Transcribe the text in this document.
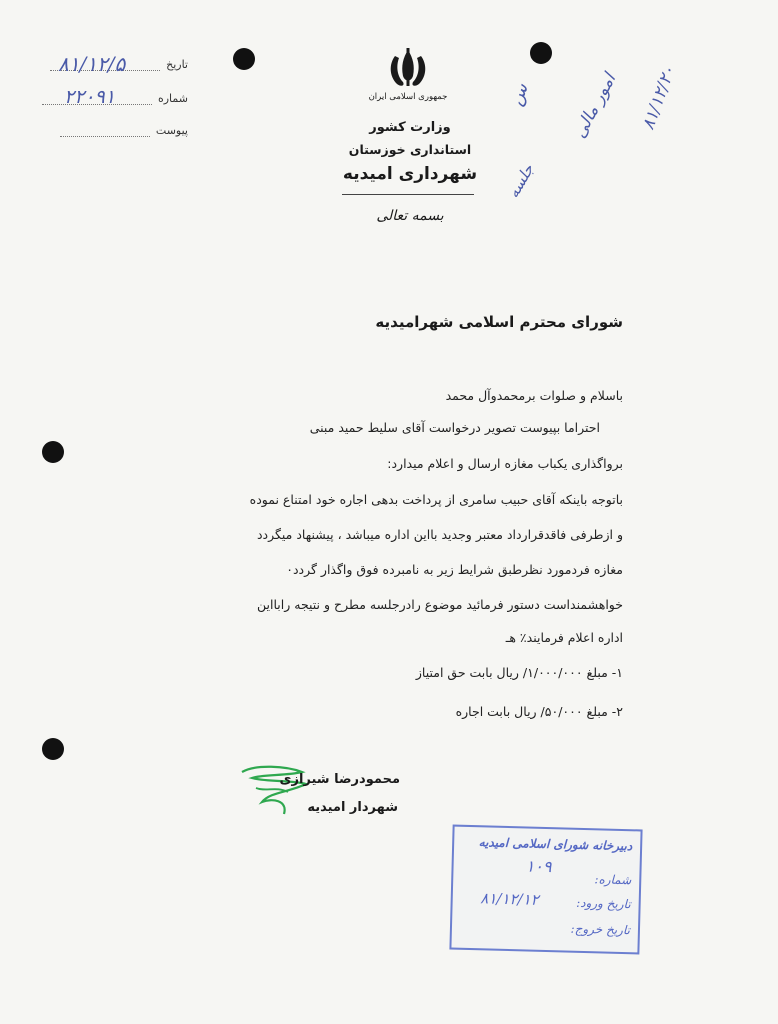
تاریخ
۸۱/۱۲/۵
شماره
۲۲۰۹۱
پیوست
جمهوری اسلامی ایران
وزارت کشور
استانداری خوزستان
شهرداری امیدیه
بسمه تعالی
س امور مالی
جلسه
۸۱/۱۲/۲۰
شورای محترم اسلامی شهرامیدیه
باسلام و صلوات برمحمدوآل محمد
احتراما بپیوست تصویر درخواست آقای سلیط حمید مبنی
برواگذاری یکباب مغازه ارسال و اعلام میدارد:
باتوجه باینکه آقای حبیب سامری از پرداخت بدهی اجاره خود امتناع نموده
و ازطرفی فاقدقرارداد معتبر وجدید بااین اداره میباشد ، پیشنهاد میگردد
مغازه فردمورد نظرطبق شرایط زیر به نامبرده فوق واگذار گردد٠
خواهشمنداست دستور فرمائید موضوع رادرجلسه مطرح و نتیجه رابااین
اداره اعلام فرمایند٪ هـ
۱- مبلغ ۱/۰۰۰/۰۰۰/ ریال بابت حق امتیاز
۲- مبلغ ۵۰/۰۰۰/ ریال بابت اجاره
محمودرضا شیرازی
شهردار امیدیه
دبیرخانه شورای اسلامی امیدیه
شماره:
۱۰۹
تاریخ ورود:
۸۱/۱۲/۱۲
تاریخ خروج:
